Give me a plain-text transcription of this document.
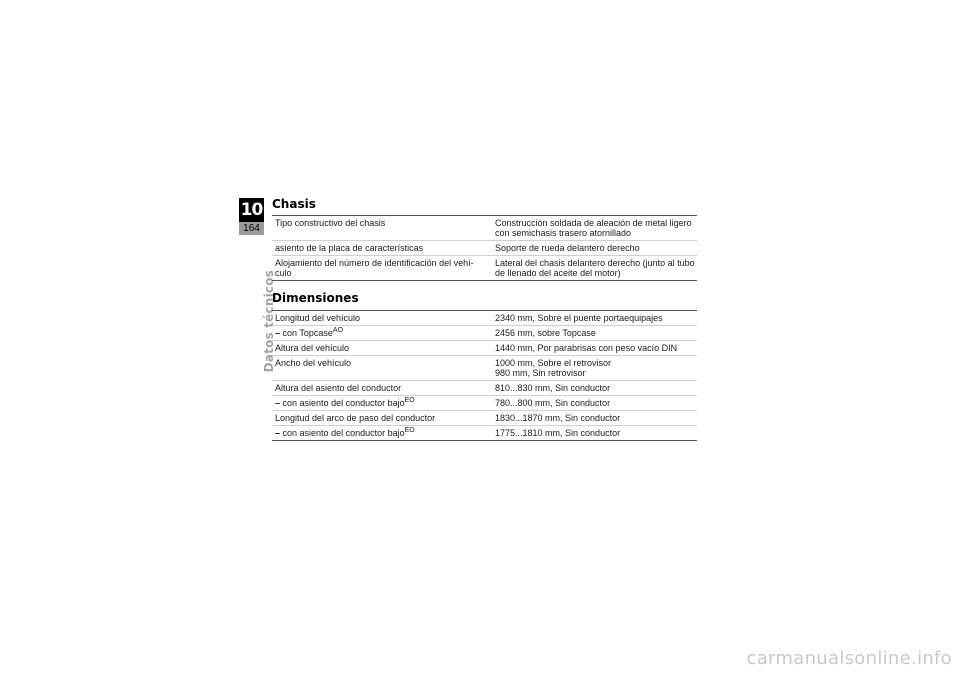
10
164
Datos técnicos
Chasis
Tipo constructivo del chasis	Construcción soldada de aleación de metal ligero
con semichasis trasero atornillado

asiento de la placa de características	Soporte de rueda delantero derecho

Alojamiento del número de identificación del vehí-
culo	Lateral del chasis delantero derecho (junto al tubo
de llenado del aceite del motor)
Dimensiones
Longitud del vehículo	2340 mm, Sobre el puente portaequipajes
– con Topcase$^{AO}$	2456 mm, sobre Topcase
Altura del vehículo	1440 mm, Por parabrisas con peso vacío DIN
Ancho del vehículo	1000 mm, Sobre el retrovisor
980 mm, Sin retrovisor

Altura del asiento del conductor	810...830 mm, Sin conductor
– con asiento del conductor bajo$^{EO}$	780...800 mm, Sin conductor
Longitud del arco de paso del conductor	1830...1870 mm, Sin conductor
– con asiento del conductor bajo$^{EO}$	1775...1810 mm, Sin conductor
carmanualsonline.info
